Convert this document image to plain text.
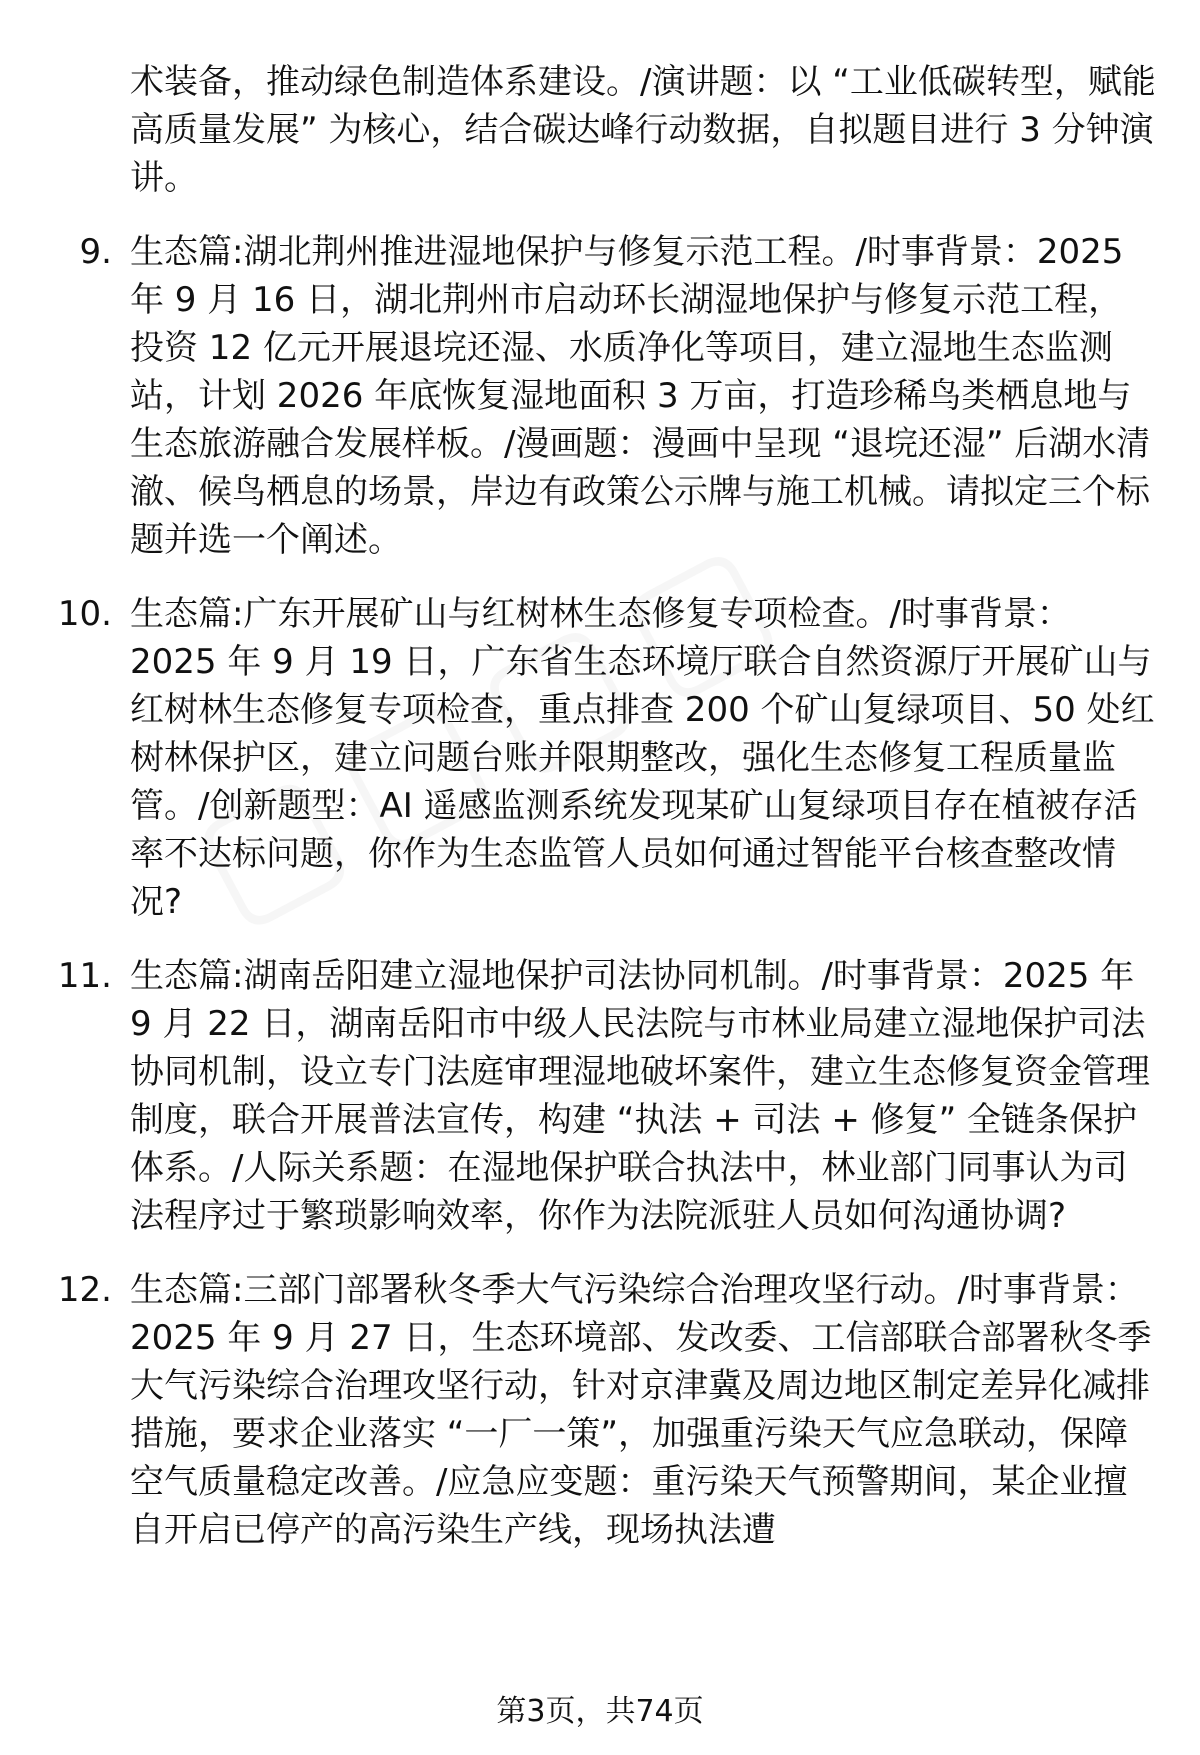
术装备，推动绿色制造体系建设。/演讲题：以 “工业低碳转型，赋能高质量发展” 为核心，结合碳达峰行动数据，自拟题目进行 3 分钟演讲。

9. 生态篇:湖北荆州推进湿地保护与修复示范工程。/时事背景：2025 年 9 月 16 日，湖北荆州市启动环长湖湿地保护与修复示范工程，投资 12 亿元开展退垸还湿、水质净化等项目，建立湿地生态监测站，计划 2026 年底恢复湿地面积 3 万亩，打造珍稀鸟类栖息地与生态旅游融合发展样板。/漫画题：漫画中呈现 “退垸还湿” 后湖水清澈、候鸟栖息的场景，岸边有政策公示牌与施工机械。请拟定三个标题并选一个阐述。

10. 生态篇:广东开展矿山与红树林生态修复专项检查。/时事背景：2025 年 9 月 19 日，广东省生态环境厅联合自然资源厅开展矿山与红树林生态修复专项检查，重点排查 200 个矿山复绿项目、50 处红树林保护区，建立问题台账并限期整改，强化生态修复工程质量监管。/创新题型：AI 遥感监测系统发现某矿山复绿项目存在植被存活率不达标问题，你作为生态监管人员如何通过智能平台核查整改情况?

11. 生态篇:湖南岳阳建立湿地保护司法协同机制。/时事背景：2025 年 9 月 22 日，湖南岳阳市中级人民法院与市林业局建立湿地保护司法协同机制，设立专门法庭审理湿地破坏案件，建立生态修复资金管理制度，联合开展普法宣传，构建 “执法 + 司法 + 修复” 全链条保护体系。/人际关系题：在湿地保护联合执法中，林业部门同事认为司法程序过于繁琐影响效率，你作为法院派驻人员如何沟通协调?

12. 生态篇:三部门部署秋冬季大气污染综合治理攻坚行动。/时事背景：2025 年 9 月 27 日，生态环境部、发改委、工信部联合部署秋冬季大气污染综合治理攻坚行动，针对京津冀及周边地区制定差异化减排措施，要求企业落实 “一厂一策”，加强重污染天气应急联动，保障空气质量稳定改善。/应急应变题：重污染天气预警期间，某企业擅自开启已停产的高污染生产线，现场执法遭

第3页，共74页
